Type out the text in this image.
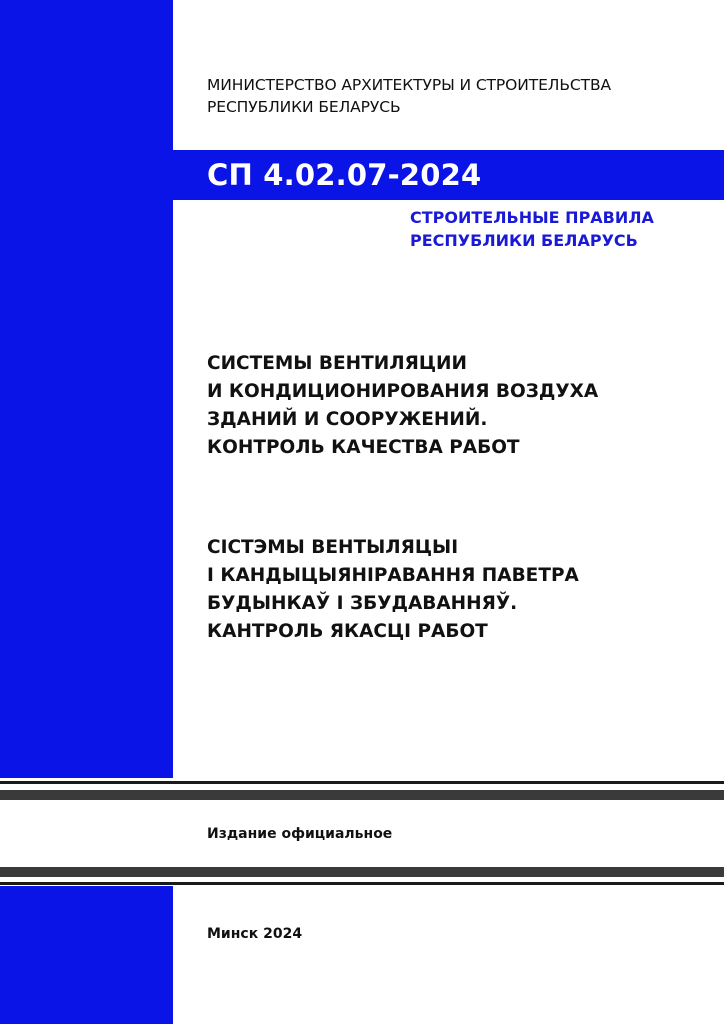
МИНИСТЕРСТВО АРХИТЕКТУРЫ И СТРОИТЕЛЬСТВА
РЕСПУБЛИКИ БЕЛАРУСЬ
СП 4.02.07-2024
СТРОИТЕЛЬНЫЕ ПРАВИЛА
РЕСПУБЛИКИ БЕЛАРУСЬ
СИСТЕМЫ ВЕНТИЛЯЦИИ
И КОНДИЦИОНИРОВАНИЯ ВОЗДУХА
ЗДАНИЙ И СООРУЖЕНИЙ.
КОНТРОЛЬ КАЧЕСТВА РАБОТ
СІСТЭМЫ ВЕНТЫЛЯЦЫІ
І КАНДЫЦЫЯНІРАВАННЯ ПАВЕТРА
БУДЫНКАЎ І ЗБУДАВАННЯЎ.
КАНТРОЛЬ ЯКАСЦІ РАБОТ
Издание официальное
Минск 2024
